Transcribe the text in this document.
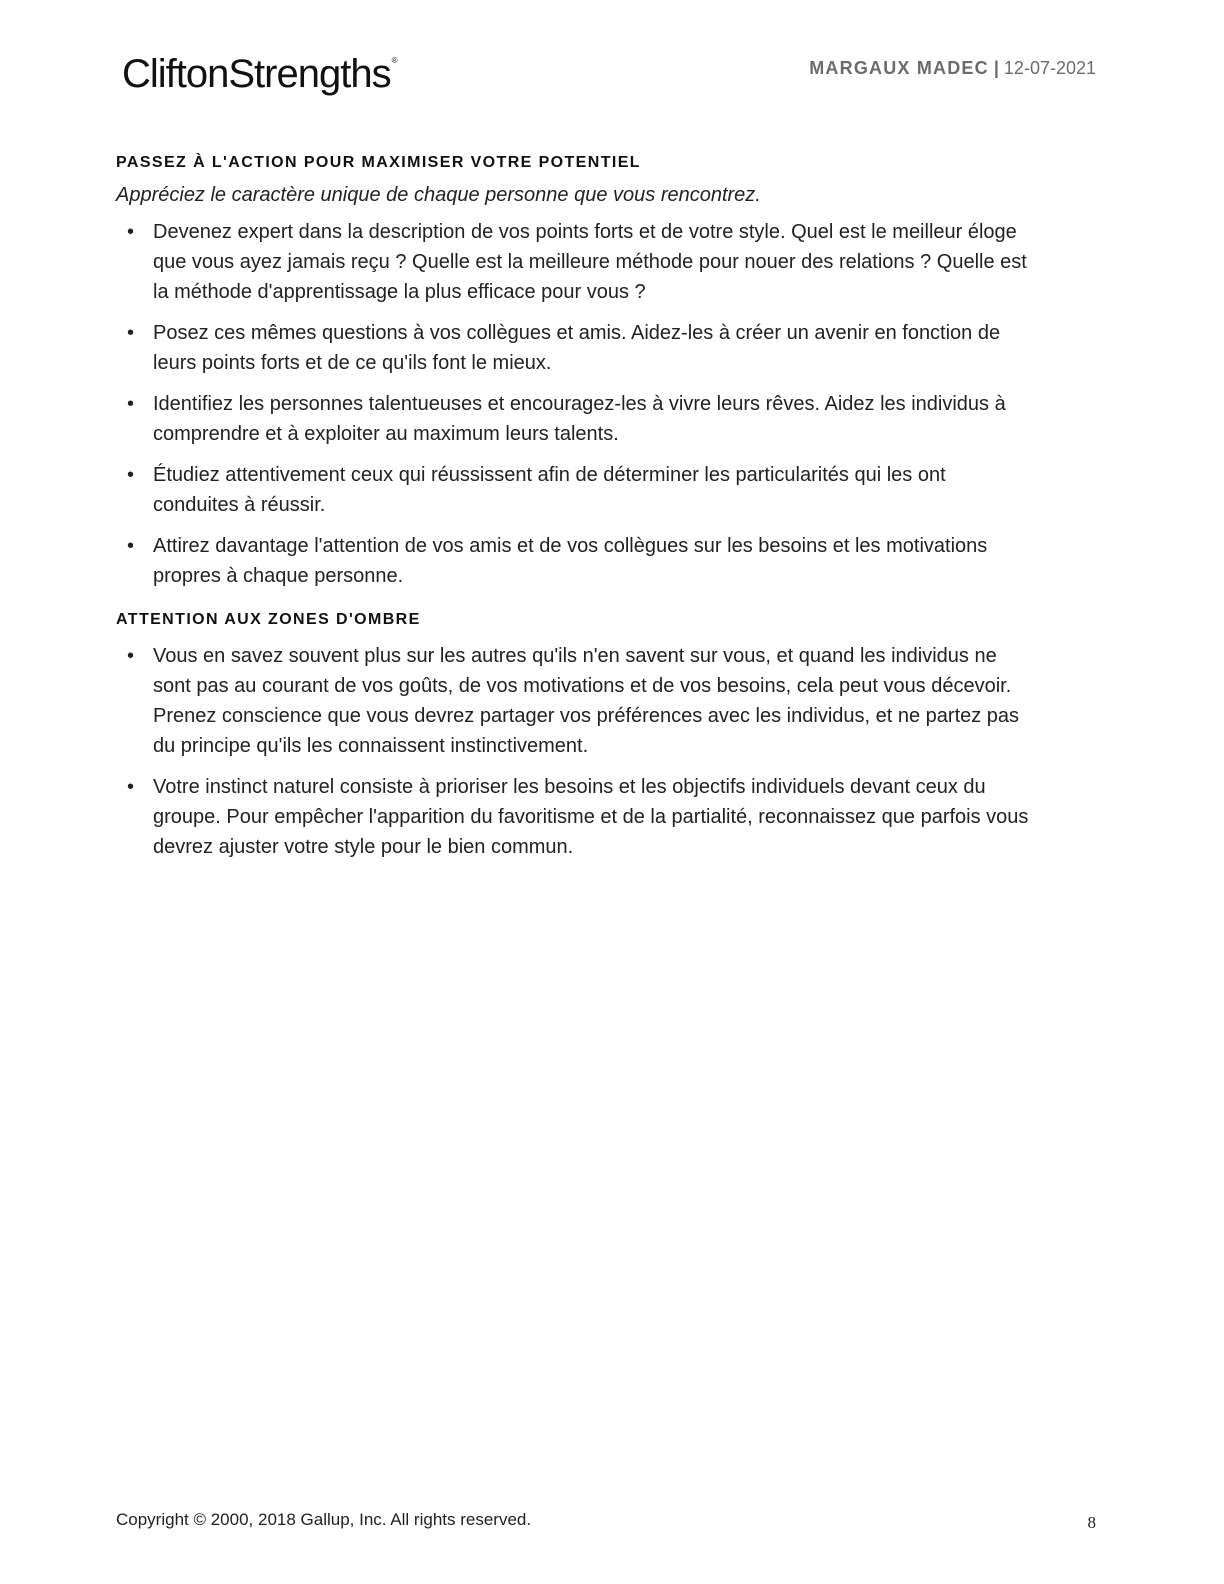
CliftonStrengths®	MARGAUX MADEC | 12-07-2021
PASSEZ À L'ACTION POUR MAXIMISER VOTRE POTENTIEL

Appréciez le caractère unique de chaque personne que vous rencontrez.

• Devenez expert dans la description de vos points forts et de votre style. Quel est le meilleur éloge que vous ayez jamais reçu ? Quelle est la meilleure méthode pour nouer des relations ? Quelle est la méthode d'apprentissage la plus efficace pour vous ?
• Posez ces mêmes questions à vos collègues et amis. Aidez-les à créer un avenir en fonction de leurs points forts et de ce qu'ils font le mieux.
• Identifiez les personnes talentueuses et encouragez-les à vivre leurs rêves. Aidez les individus à comprendre et à exploiter au maximum leurs talents.
• Étudiez attentivement ceux qui réussissent afin de déterminer les particularités qui les ont conduites à réussir.
• Attirez davantage l'attention de vos amis et de vos collègues sur les besoins et les motivations propres à chaque personne.
ATTENTION AUX ZONES D'OMBRE
• Vous en savez souvent plus sur les autres qu'ils n'en savent sur vous, et quand les individus ne sont pas au courant de vos goûts, de vos motivations et de vos besoins, cela peut vous décevoir. Prenez conscience que vous devrez partager vos préférences avec les individus, et ne partez pas du principe qu'ils les connaissent instinctivement.
• Votre instinct naturel consiste à prioriser les besoins et les objectifs individuels devant ceux du groupe. Pour empêcher l'apparition du favoritisme et de la partialité, reconnaissez que parfois vous devrez ajuster votre style pour le bien commun.
Copyright © 2000, 2018 Gallup, Inc. All rights reserved.	8
